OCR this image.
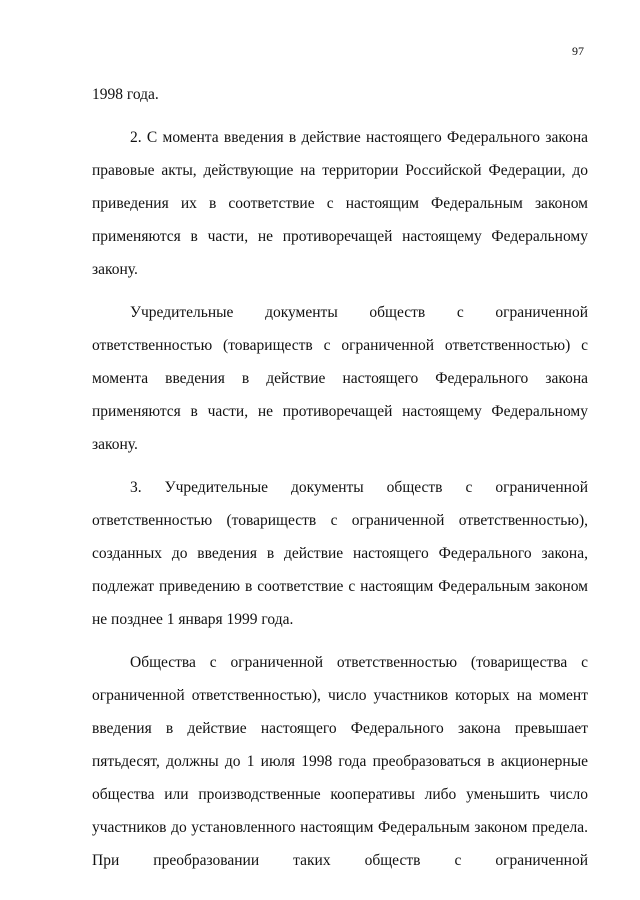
97

1998 года.

2. С момента введения в действие настоящего Федерального закона правовые акты, действующие на территории Российской Федерации, до приведения их в соответствие с настоящим Федеральным законом применяются в части, не противоречащей настоящему Федеральному закону.

Учредительные документы обществ с ограниченной ответственностью (товариществ с ограниченной ответственностью) с момента введения в действие настоящего Федерального закона применяются в части, не противоречащей настоящему Федеральному закону.

3. Учредительные документы обществ с ограниченной ответственностью (товариществ с ограниченной ответственностью), созданных до введения в действие настоящего Федерального закона, подлежат приведению в соответствие с настоящим Федеральным законом не позднее 1 января 1999 года.

Общества с ограниченной ответственностью (товарищества с ограниченной ответственностью), число участников которых на момент введения в действие настоящего Федерального закона превышает пятьдесят, должны до 1 июля 1998 года преобразоваться в акционерные общества или производственные кооперативы либо уменьшить число участников до установленного настоящим Федеральным законом предела. При преобразовании таких обществ с ограниченной
